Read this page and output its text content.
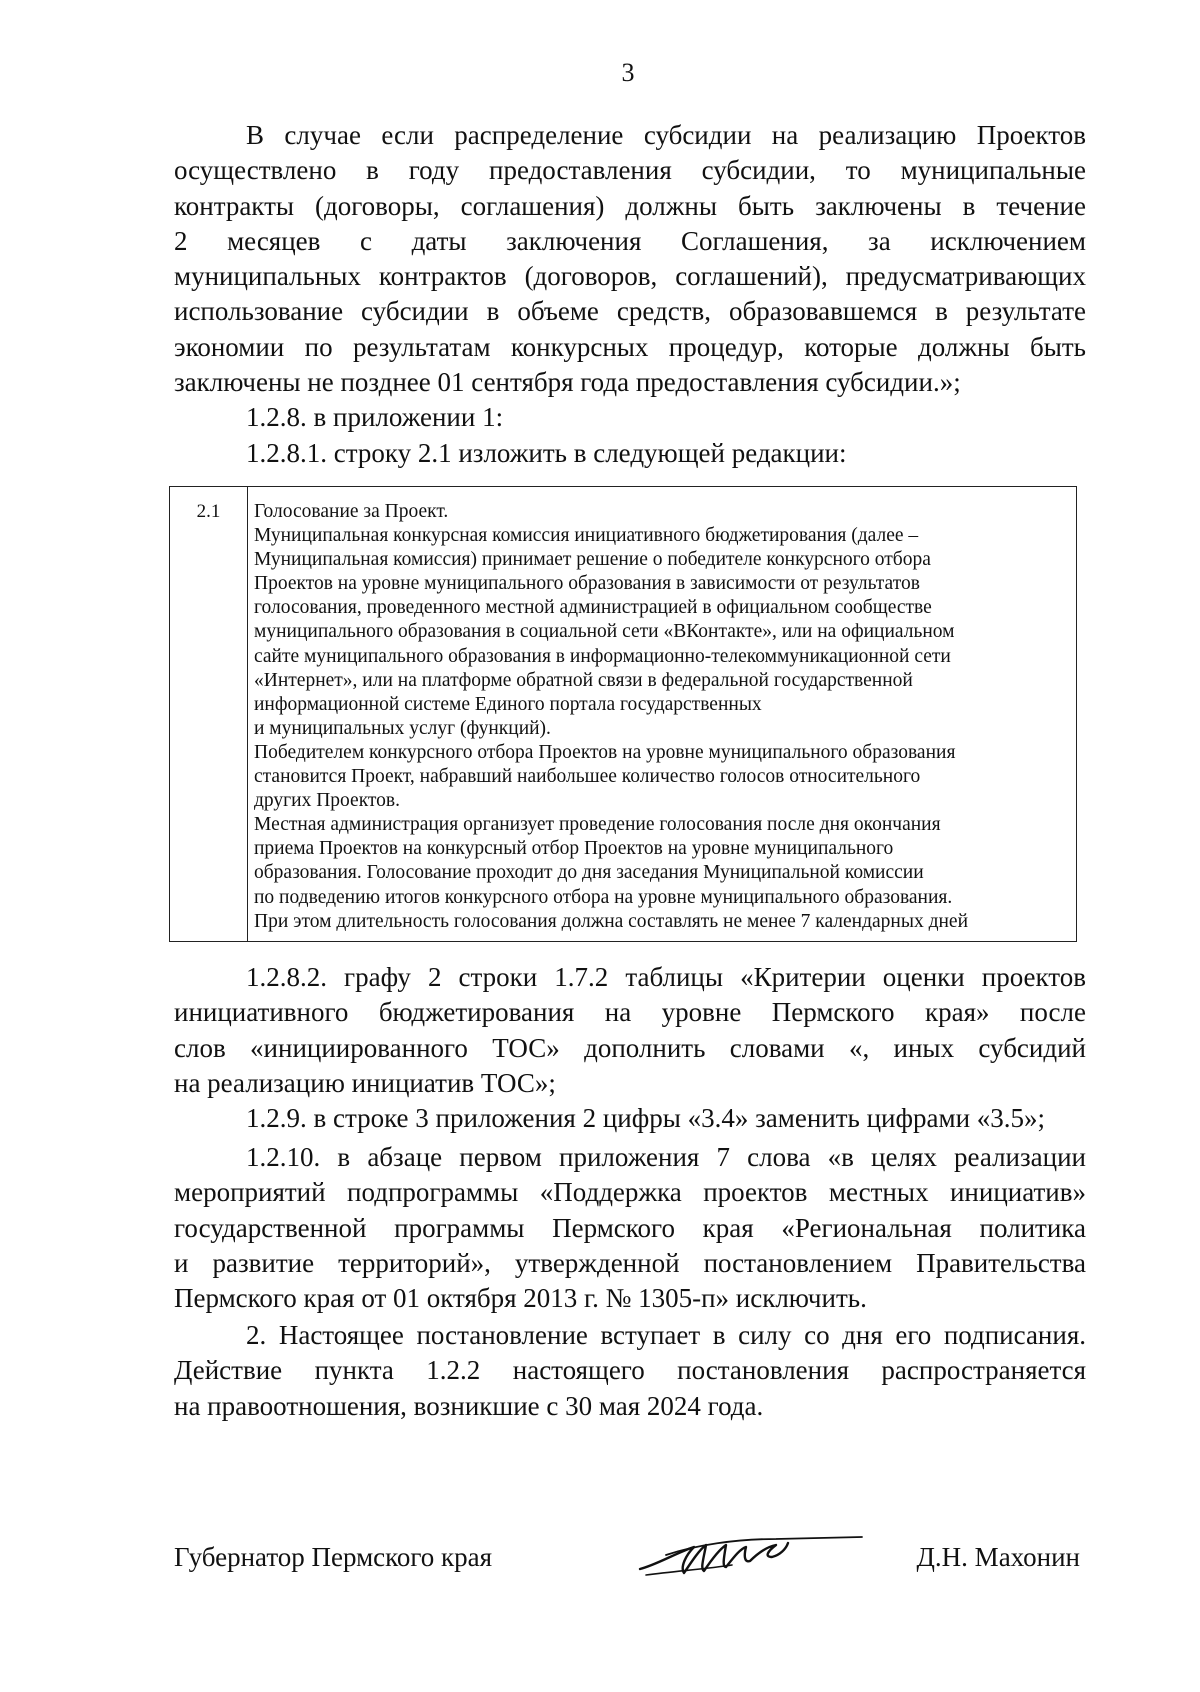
3
В случае если распределение субсидии на реализацию Проектов
осуществлено в году предоставления субсидии, то муниципальные
контракты (договоры, соглашения) должны быть заключены в течение
2 месяцев с даты заключения Соглашения, за исключением
муниципальных контрактов (договоров, соглашений), предусматривающих
использование субсидии в объеме средств, образовавшемся в результате
экономии по результатам конкурсных процедур, которые должны быть
заключены не позднее 01 сентября года предоставления субсидии.»;
1.2.8. в приложении 1:
1.2.8.1. строку 2.1 изложить в следующей редакции:
2.1	Голосование за Проект.
Муниципальная конкурсная комиссия инициативного бюджетирования (далее –
Муниципальная комиссия) принимает решение о победителе конкурсного отбора
Проектов на уровне муниципального образования в зависимости от результатов
голосования, проведенного местной администрацией в официальном сообществе
муниципального образования в социальной сети «ВКонтакте», или на официальном
сайте муниципального образования в информационно-телекоммуникационной сети
«Интернет», или на платформе обратной связи в федеральной государственной
информационной системе Единого портала государственных
и муниципальных услуг (функций).
Победителем конкурсного отбора Проектов на уровне муниципального образования
становится Проект, набравший наибольшее количество голосов относительного
других Проектов.
Местная администрация организует проведение голосования после дня окончания
приема Проектов на конкурсный отбор Проектов на уровне муниципального
образования. Голосование проходит до дня заседания Муниципальной комиссии
по подведению итогов конкурсного отбора на уровне муниципального образования.
При этом длительность голосования должна составлять не менее 7 календарных дней
1.2.8.2. графу 2 строки 1.7.2 таблицы «Критерии оценки проектов
инициативного бюджетирования на уровне Пермского края» после
слов «инициированного ТОС» дополнить словами «, иных субсидий
на реализацию инициатив ТОС»;
1.2.9. в строке 3 приложения 2 цифры «3.4» заменить цифрами «3.5»;
1.2.10. в абзаце первом приложения 7 слова «в целях реализации
мероприятий подпрограммы «Поддержка проектов местных инициатив»
государственной программы Пермского края «Региональная политика
и развитие территорий», утвержденной постановлением Правительства
Пермского края от 01 октября 2013 г. № 1305-п» исключить.
2. Настоящее постановление вступает в силу со дня его подписания.
Действие пункта 1.2.2 настоящего постановления распространяется
на правоотношения, возникшие с 30 мая 2024 года.
Губернатор Пермского края	Д.Н. Махонин
